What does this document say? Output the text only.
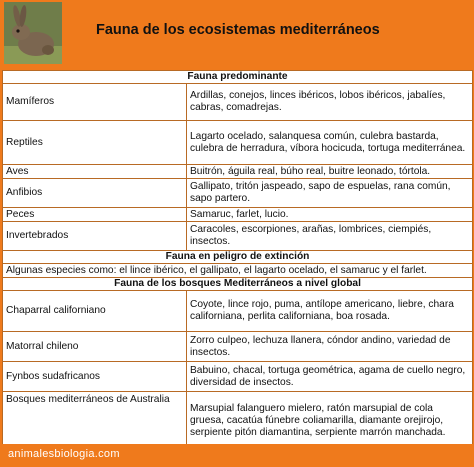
Fauna de los ecosistemas mediterráneos
Fauna predominante	
Mamíferos	Ardillas, conejos, linces ibéricos, lobos ibéricos, jabalíes, cabras, comadrejas.
Reptiles	Lagarto ocelado, salanquesa común, culebra bastarda, culebra de herradura, víbora hocicuda, tortuga mediterránea.
Aves	Buitrón, águila real, búho real, buitre leonado, tórtola.
Anfibios	Gallipato, tritón jaspeado, sapo de espuelas, rana común, sapo partero.
Peces	Samaruc, farlet, lucio.
Invertebrados	Caracoles, escorpiones, arañas, lombrices, ciempiés, insectos.
Fauna en peligro de extinción	
Algunas especies como: el lince ibérico, el gallipato, el lagarto ocelado, el samaruc y el farlet.	
Fauna de los bosques Mediterráneos a nivel global	
Chaparral californiano	Coyote, lince rojo, puma, antílope americano, liebre, chara californiana, perlita californiana, boa rosada.
Matorral chileno	Zorro culpeo, lechuza llanera, cóndor andino, variedad de insectos.
Fynbos sudafricanos	Babuino, chacal, tortuga geométrica, agama de cuello negro, diversidad de insectos.
Bosques mediterráneos de Australia	Marsupial falanguero mielero, ratón marsupial de cola gruesa, cacatúa fúnebre coliamarilla, diamante orejirojo, serpiente pitón diamantina, serpiente marrón manchada.
animalesbiologia.com
